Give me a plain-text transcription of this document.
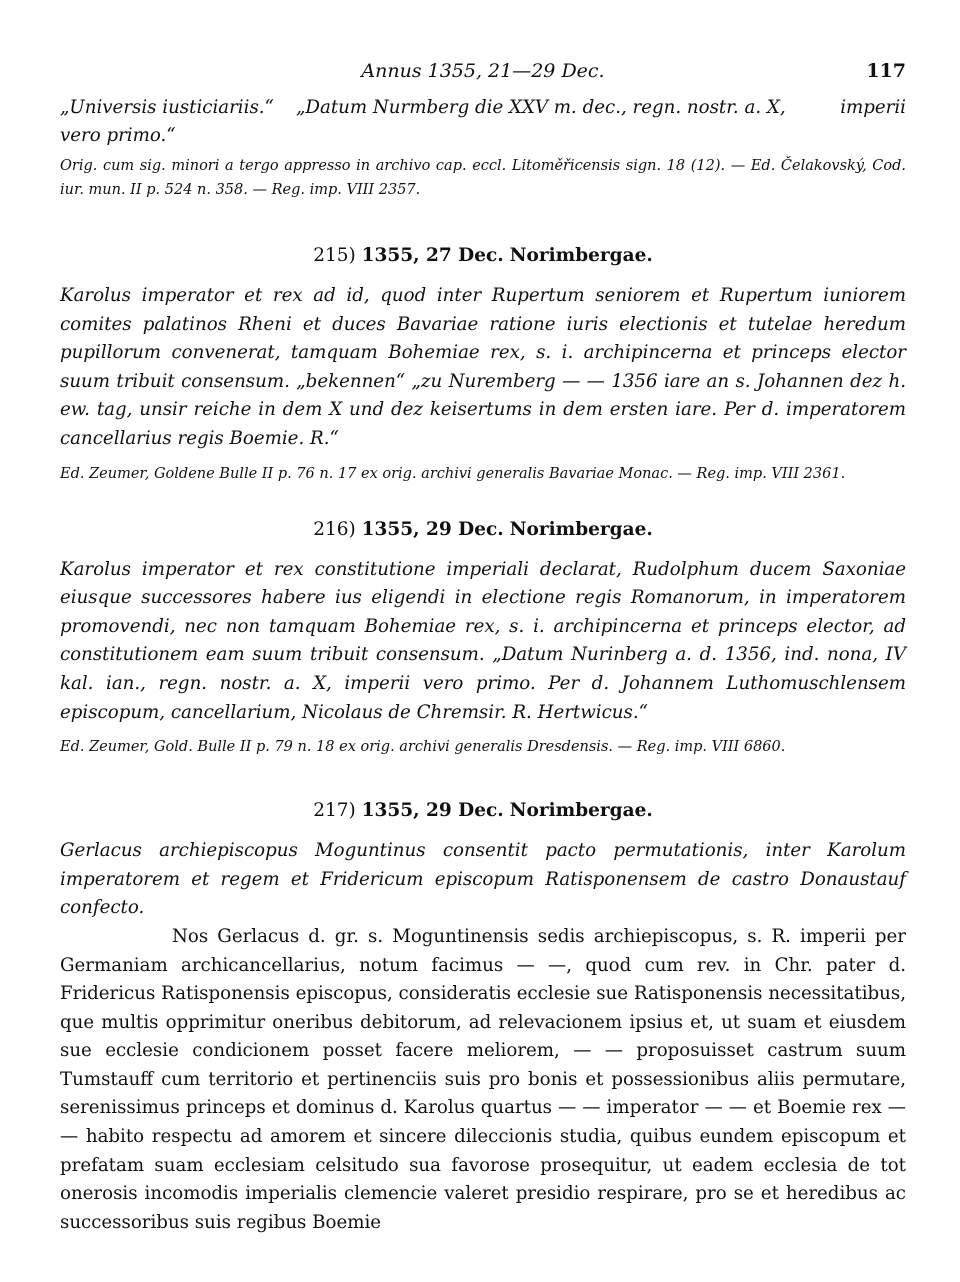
Annus 1355, 21—29 Dec.	117
„Universis iusticiariis.“ „Datum Nurmberg die XXV m. dec., regn. nostr. a. X,	imperii
vero primo.“

Orig. cum sig. minori a tergo appresso in archivo cap. eccl. Litoměřicensis sign. 18 (12). — Ed. Čelakovský, Cod. iur. mun. II p. 524 n. 358. — Reg. imp. VIII 2357.

215) 1355, 27 Dec. Norimbergae.

Karolus imperator et rex ad id, quod inter Rupertum seniorem et Rupertum iuniorem comites palatinos Rheni et duces Bavariae ratione iuris electionis et tutelae heredum pupillorum convenerat, tamquam Bohemiae rex, s. i. archipincerna et princeps elector suum tribuit consensum. „bekennen“ „zu Nuremberg — — 1356 iare an s. Johannen dez h. ew. tag, unsir reiche in dem X und dez keisertums in dem ersten iare. Per d. imperatorem cancellarius regis Boemie. R.“

Ed. Zeumer, Goldene Bulle II p. 76 n. 17 ex orig. archivi generalis Bavariae Monac. — Reg. imp. VIII 2361.

216) 1355, 29 Dec. Norimbergae.

Karolus imperator et rex constitutione imperiali declarat, Rudolphum ducem Saxoniae eiusque successores habere ius eligendi in electione regis Romanorum, in imperatorem promovendi, nec non tamquam Bohemiae rex, s. i. archipincerna et princeps elector, ad constitutionem eam suum tribuit consensum. „Datum Nurinberg a. d. 1356, ind. nona, IV kal. ian., regn. nostr. a. X, imperii vero primo. Per d. Johannem Luthomuschlensem episcopum, cancellarium, Nicolaus de Chremsir. R. Hertwicus.“

Ed. Zeumer, Gold. Bulle II p. 79 n. 18 ex orig. archivi generalis Dresdensis. — Reg. imp. VIII 6860.

217) 1355, 29 Dec. Norimbergae.

Gerlacus archiepiscopus Moguntinus consentit pacto permutationis, inter Karolum imperatorem et regem et Fridericum episcopum Ratisponensem de castro Donaustauf confecto.

Nos Gerlacus d. gr. s. Moguntinensis sedis archiepiscopus, s. R. imperii per Germaniam archicancellarius, notum facimus — —, quod cum rev. in Chr. pater d. Fridericus Ratisponensis episcopus, consideratis ecclesie sue Ratisponensis necessitatibus, que multis opprimitur oneribus debitorum, ad relevacionem ipsius et, ut suam et eiusdem sue ecclesie condicionem posset facere meliorem, — — proposuisset castrum suum Tumstauff cum territorio et pertinenciis suis pro bonis et possessionibus aliis permutare, serenissimus princeps et dominus d. Karolus quartus — — imperator — — et Boemie rex — — habito respectu ad amorem et sincere dileccionis studia, quibus eundem episcopum et prefatam suam ecclesiam celsitudo sua favorose prosequitur, ut eadem ecclesia de tot onerosis incomodis imperialis clemencie valeret presidio respirare, pro se et heredibus ac successoribus suis regibus Boemie
